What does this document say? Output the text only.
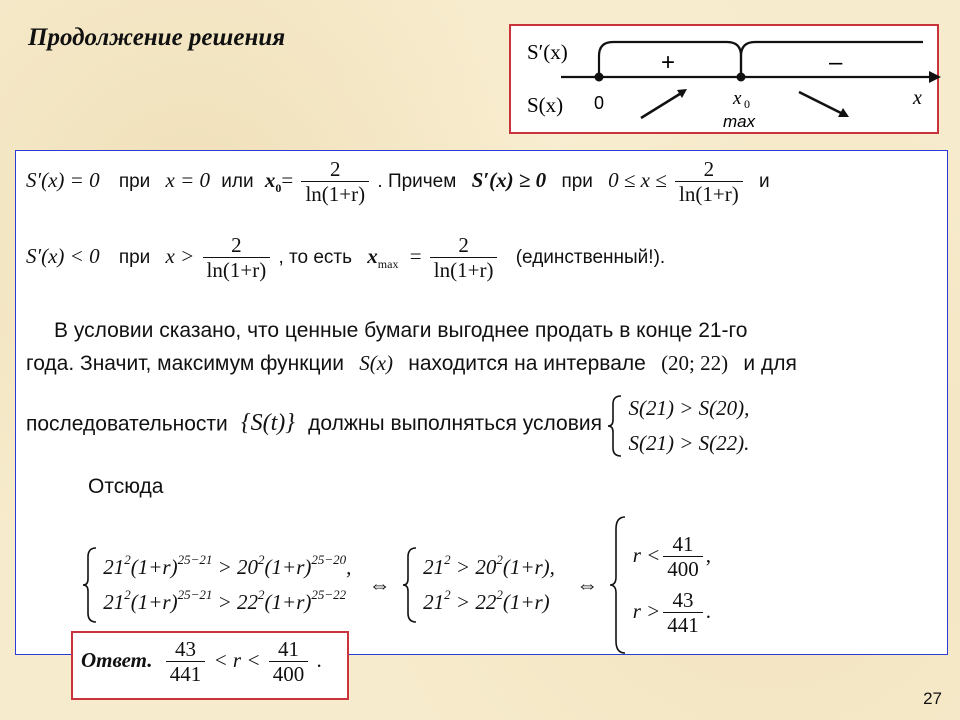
Продолжение решения
S′(x)
S(x)
+	–
0	x 0
max
x
S′(x) = 0 при x = 0 или $x_0= \frac{2}{\ln(1+r)}$ . Причем S′(x) ≥ 0 при $0 \le x \le \frac{2}{\ln(1+r)}$ и
S′(x) < 0 при $x > \frac{2}{\ln(1+r)}$ , то есть $x_{max} = \frac{2}{\ln(1+r)}$ (единственный!).
В условии сказано, что ценные бумаги выгоднее продать в конце 21-го
года. Значит, максимум функции S(x) находится на интервале (20; 22) и для
последовательности {S(t)} должны выполняться условия
S(21) > S(20),
S(21) > S(22).
Отсюда

$21^2(1+r)^{25-21} > 20^2(1+r)^{25-20}$,
$21^2(1+r)^{25-21} > 22^2(1+r)^{25-22}$ ⇔
$21^2 > 20^2(1+r)$,
$21^2 > 22^2(1+r)$
⇔
$r < \frac{41}{400}$ ,
$r > \frac{43}{441}$ .
Ответ. $\frac{43}{441} < r < \frac{41}{400}$ .
27
